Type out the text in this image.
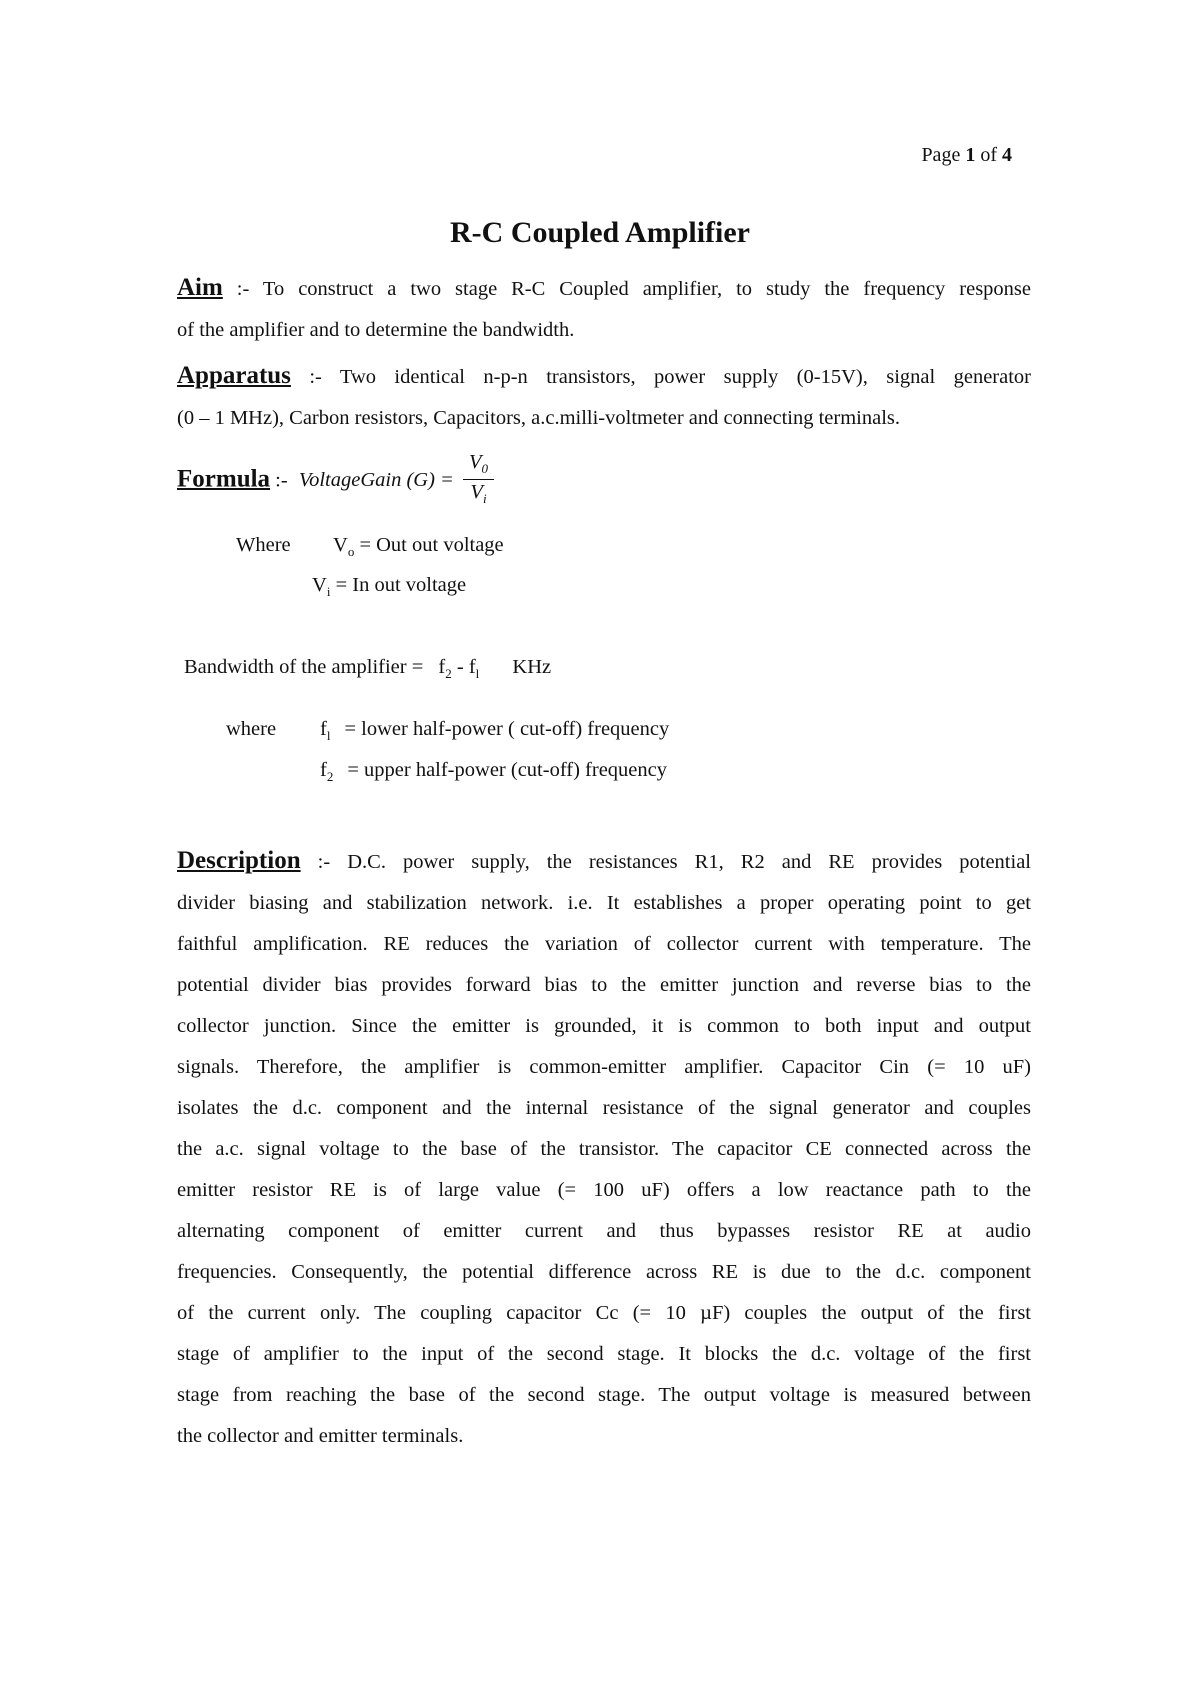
Page 1 of 4
R-C Coupled Amplifier
Aim :- To construct a two stage R-C Coupled amplifier, to study the frequency response
of the amplifier and to determine the bandwidth.
Apparatus :- Two identical n-p-n transistors, power supply (0-15V), signal generator
(0 – 1 MHz), Carbon resistors, Capacitors, a.c.milli-voltmeter and connecting terminals.
Formula :- VoltageGain $(G) = \frac{V_0}{V_i}$
Where $V_o$ = Out out voltage
$V_i = In$ out voltage
Bandwidth of the amplifier = $f_2 - f_l$ KHz
where $f_l$ = lower half-power ( cut-off) frequency
$f_2$ = upper half-power (cut-off) frequency
Description :- D.C. power supply, the resistances R1, R2 and RE provides potential
divider biasing and stabilization network. i.e. It establishes a proper operating point to get
faithful amplification. RE reduces the variation of collector current with temperature. The
potential divider bias provides forward bias to the emitter junction and reverse bias to the
collector junction. Since the emitter is grounded, it is common to both input and output
signals. Therefore, the amplifier is common-emitter amplifier. Capacitor Cin (= 10 uF)
isolates the d.c. component and the internal resistance of the signal generator and couples
the a.c. signal voltage to the base of the transistor. The capacitor CE connected across the
emitter resistor RE is of large value (= 100 uF) offers a low reactance path to the
alternating component of emitter current and thus bypasses resistor RE at audio
frequencies. Consequently, the potential difference across RE is due to the d.c. component
of the current only. The coupling capacitor Cc (= 10 µF) couples the output of the first
stage of amplifier to the input of the second stage. It blocks the d.c. voltage of the first
stage from reaching the base of the second stage. The output voltage is measured between
the collector and emitter terminals.
